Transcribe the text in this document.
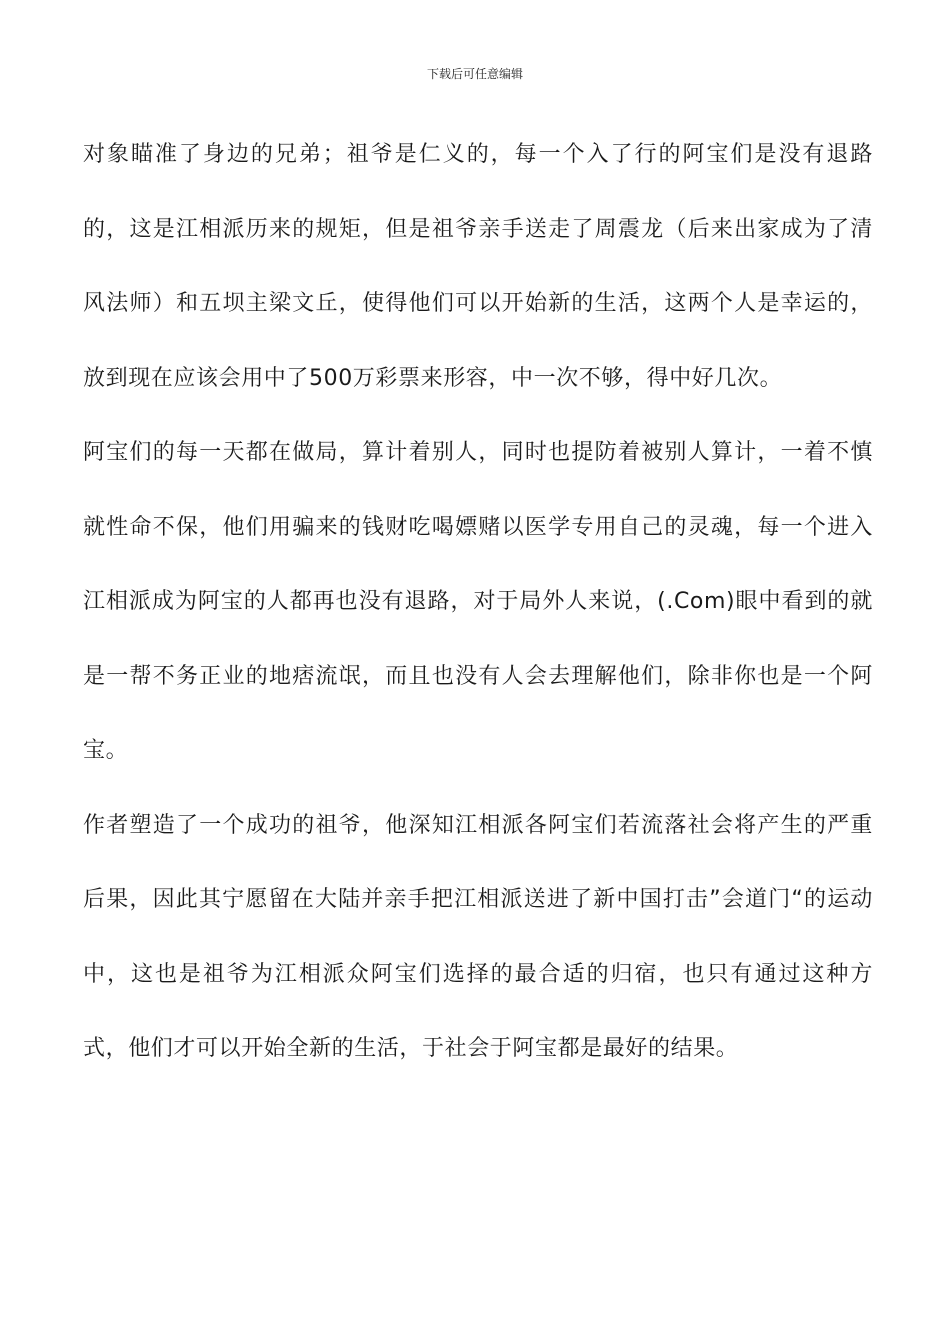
下载后可任意编辑

对象瞄准了身边的兄弟；祖爷是仁义的，每一个入了行的阿宝们是没有退路的，这是江相派历来的规矩，但是祖爷亲手送走了周震龙（后来出家成为了清风法师）和五坝主梁文丘，使得他们可以开始新的生活，这两个人是幸运的，放到现在应该会用中了500万彩票来形容，中一次不够，得中好几次。

阿宝们的每一天都在做局，算计着别人，同时也提防着被别人算计，一着不慎就性命不保，他们用骗来的钱财吃喝嫖赌以医学专用自己的灵魂，每一个进入江相派成为阿宝的人都再也没有退路，对于局外人来说，(.Com)眼中看到的就是一帮不务正业的地痞流氓，而且也没有人会去理解他们，除非你也是一个阿宝。

作者塑造了一个成功的祖爷，他深知江相派各阿宝们若流落社会将产生的严重后果，因此其宁愿留在大陆并亲手把江相派送进了新中国打击”会道门“的运动中，这也是祖爷为江相派众阿宝们选择的最合适的归宿，也只有通过这种方式，他们才可以开始全新的生活，于社会于阿宝都是最好的结果。
